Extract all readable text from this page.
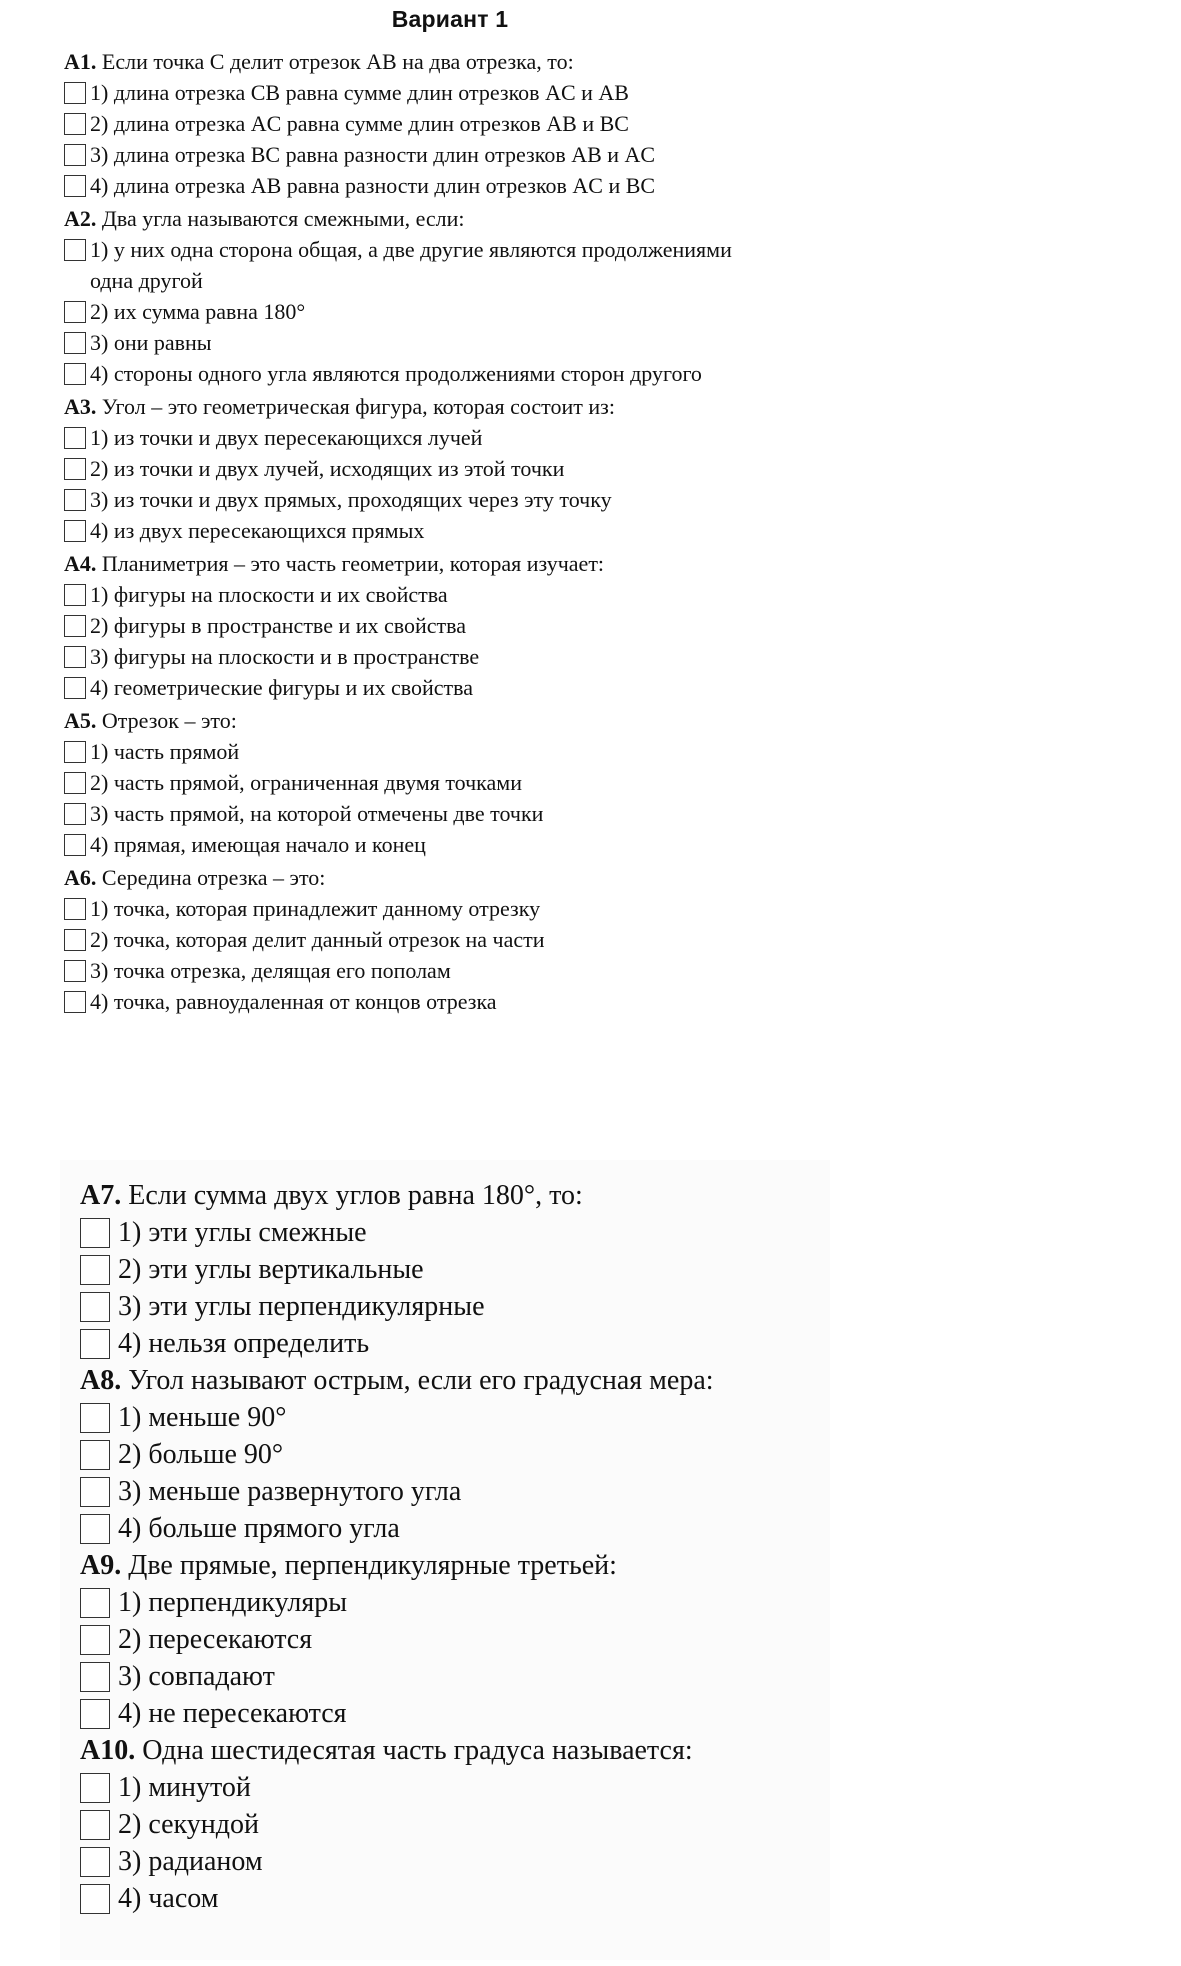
Вариант 1
А1. Если точка C делит отрезок AB на два отрезка, то:
1) длина отрезка CB равна сумме длин отрезков AC и AB
2) длина отрезка AC равна сумме длин отрезков AB и BC
3) длина отрезка BC равна разности длин отрезков AB и AC
4) длина отрезка AB равна разности длин отрезков AC и BC
А2. Два угла называются смежными, если:
1) у них одна сторона общая, а две другие являются продолжениями одна другой
2) их сумма равна 180°
3) они равны
4) стороны одного угла являются продолжениями сторон другого
А3. Угол – это геометрическая фигура, которая состоит из:
1) из точки и двух пересекающихся лучей
2) из точки и двух лучей, исходящих из этой точки
3) из точки и двух прямых, проходящих через эту точку
4) из двух пересекающихся прямых
А4. Планиметрия – это часть геометрии, которая изучает:
1) фигуры на плоскости и их свойства
2) фигуры в пространстве и их свойства
3) фигуры на плоскости и в пространстве
4) геометрические фигуры и их свойства
А5. Отрезок – это:
1) часть прямой
2) часть прямой, ограниченная двумя точками
3) часть прямой, на которой отмечены две точки
4) прямая, имеющая начало и конец
А6. Середина отрезка – это:
1) точка, которая принадлежит данному отрезку
2) точка, которая делит данный отрезок на части
3) точка отрезка, делящая его пополам
4) точка, равноудаленная от концов отрезка
А7. Если сумма двух углов равна 180°, то:
1) эти углы смежные
2) эти углы вертикальные
3) эти углы перпендикулярные
4) нельзя определить
А8. Угол называют острым, если его градусная мера:
1) меньше 90°
2) больше 90°
3) меньше развернутого угла
4) больше прямого угла
А9. Две прямые, перпендикулярные третьей:
1) перпендикуляры
2) пересекаются
3) совпадают
4) не пересекаются
А10. Одна шестидесятая часть градуса называется:
1) минутой
2) секундой
3) радианом
4) часом
